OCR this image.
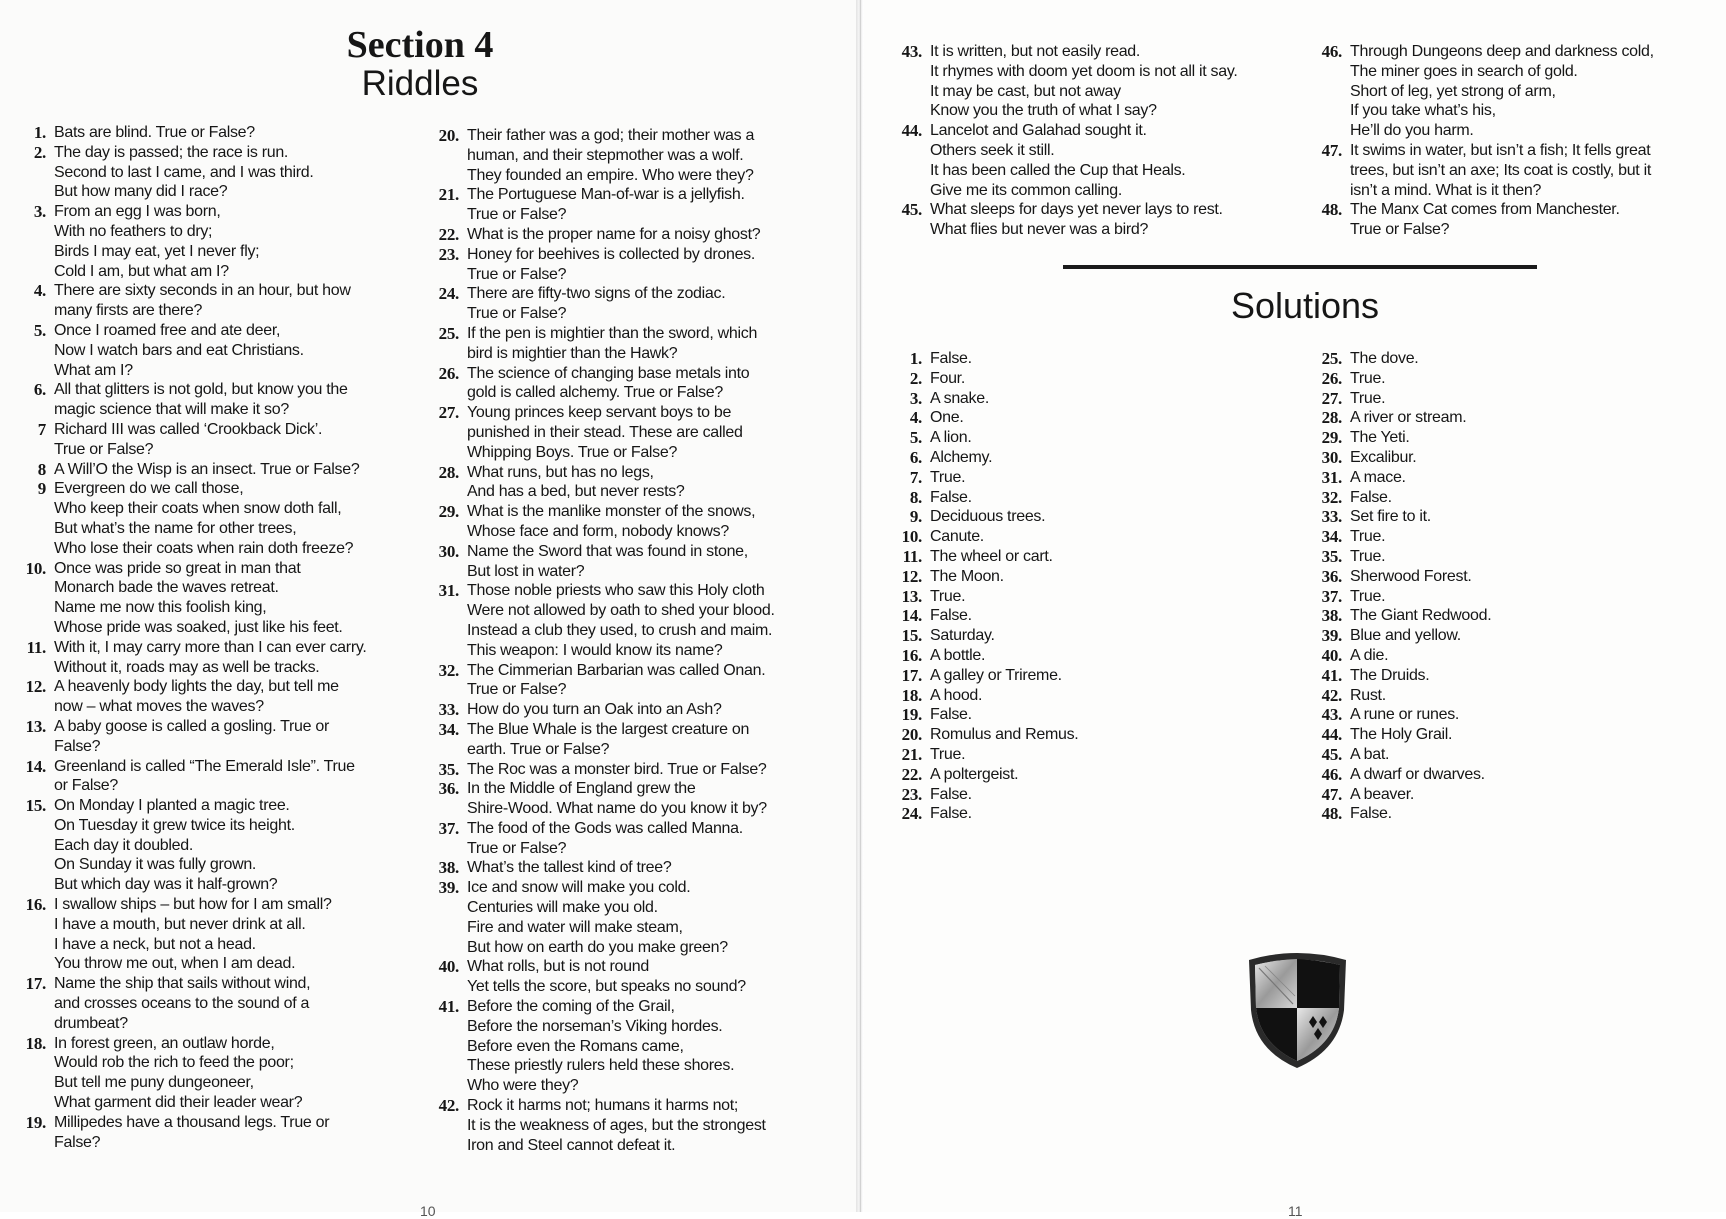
Section 4
Riddles
1. Bats are blind. True or False?
2. The day is passed; the race is run.
Second to last I came, and I was third.
But how many did I race?
3. From an egg I was born,
With no feathers to dry;
Birds I may eat, yet I never fly;
Cold I am, but what am I?
4. There are sixty seconds in an hour, but how
many firsts are there?
5. Once I roamed free and ate deer,
Now I watch bars and eat Christians.
What am I?
6. All that glitters is not gold, but know you the
magic science that will make it so?
7 Richard III was called ‘Crookback Dick’.
True or False?
8 A Will’O the Wisp is an insect. True or False?
9 Evergreen do we call those,
Who keep their coats when snow doth fall,
But what’s the name for other trees,
Who lose their coats when rain doth freeze?
10. Once was pride so great in man that
Monarch bade the waves retreat.
Name me now this foolish king,
Whose pride was soaked, just like his feet.
11. With it, I may carry more than I can ever carry.
Without it, roads may as well be tracks.
12. A heavenly body lights the day, but tell me
now – what moves the waves?
13. A baby goose is called a gosling. True or
False?
14. Greenland is called “The Emerald Isle”. True
or False?
15. On Monday I planted a magic tree.
On Tuesday it grew twice its height.
Each day it doubled.
On Sunday it was fully grown.
But which day was it half-grown?
16. I swallow ships – but how for I am small?
I have a mouth, but never drink at all.
I have a neck, but not a head.
You throw me out, when I am dead.
17. Name the ship that sails without wind,
and crosses oceans to the sound of a
drumbeat?
18. In forest green, an outlaw horde,
Would rob the rich to feed the poor;
But tell me puny dungeoneer,
What garment did their leader wear?
19. Millipedes have a thousand legs. True or
False?
20. Their father was a god; their mother was a
human, and their stepmother was a wolf.
They founded an empire. Who were they?
21. The Portuguese Man-of-war is a jellyfish.
True or False?
22. What is the proper name for a noisy ghost?
23. Honey for beehives is collected by drones.
True or False?
24. There are fifty-two signs of the zodiac.
True or False?
25. If the pen is mightier than the sword, which
bird is mightier than the Hawk?
26. The science of changing base metals into
gold is called alchemy. True or False?
27. Young princes keep servant boys to be
punished in their stead. These are called
Whipping Boys. True or False?
28. What runs, but has no legs,
And has a bed, but never rests?
29. What is the manlike monster of the snows,
Whose face and form, nobody knows?
30. Name the Sword that was found in stone,
But lost in water?
31. Those noble priests who saw this Holy cloth
Were not allowed by oath to shed your blood.
Instead a club they used, to crush and maim.
This weapon: I would know its name?
32. The Cimmerian Barbarian was called Onan.
True or False?
33. How do you turn an Oak into an Ash?
34. The Blue Whale is the largest creature on
earth. True or False?
35. The Roc was a monster bird. True or False?
36. In the Middle of England grew the
Shire-Wood. What name do you know it by?
37. The food of the Gods was called Manna.
True or False?
38. What’s the tallest kind of tree?
39. Ice and snow will make you cold.
Centuries will make you old.
Fire and water will make steam,
But how on earth do you make green?
40. What rolls, but is not round
Yet tells the score, but speaks no sound?
41. Before the coming of the Grail,
Before the norseman’s Viking hordes.
Before even the Romans came,
These priestly rulers held these shores.
Who were they?
42. Rock it harms not; humans it harms not;
It is the weakness of ages, but the strongest
Iron and Steel cannot defeat it.
43. It is written, but not easily read.
It rhymes with doom yet doom is not all it say.
It may be cast, but not away
Know you the truth of what I say?
44. Lancelot and Galahad sought it.
Others seek it still.
It has been called the Cup that Heals.
Give me its common calling.
45. What sleeps for days yet never lays to rest.
What flies but never was a bird?
46. Through Dungeons deep and darkness cold,
The miner goes in search of gold.
Short of leg, yet strong of arm,
If you take what’s his,
He’ll do you harm.
47. It swims in water, but isn’t a fish; It fells great
trees, but isn’t an axe; Its coat is costly, but it
isn’t a mind. What is it then?
48. The Manx Cat comes from Manchester.
True or False?
Solutions
1. False.
2. Four.
3. A snake.
4. One.
5. A lion.
6. Alchemy.
7. True.
8. False.
9. Deciduous trees.
10. Canute.
11. The wheel or cart.
12. The Moon.
13. True.
14. False.
15. Saturday.
16. A bottle.
17. A galley or Trireme.
18. A hood.
19. False.
20. Romulus and Remus.
21. True.
22. A poltergeist.
23. False.
24. False.
25. The dove.
26. True.
27. True.
28. A river or stream.
29. The Yeti.
30. Excalibur.
31. A mace.
32. False.
33. Set fire to it.
34. True.
35. True.
36. Sherwood Forest.
37. True.
38. The Giant Redwood.
39. Blue and yellow.
40. A die.
41. The Druids.
42. Rust.
43. A rune or runes.
44. The Holy Grail.
45. A bat.
46. A dwarf or dwarves.
47. A beaver.
48. False.
10	11
